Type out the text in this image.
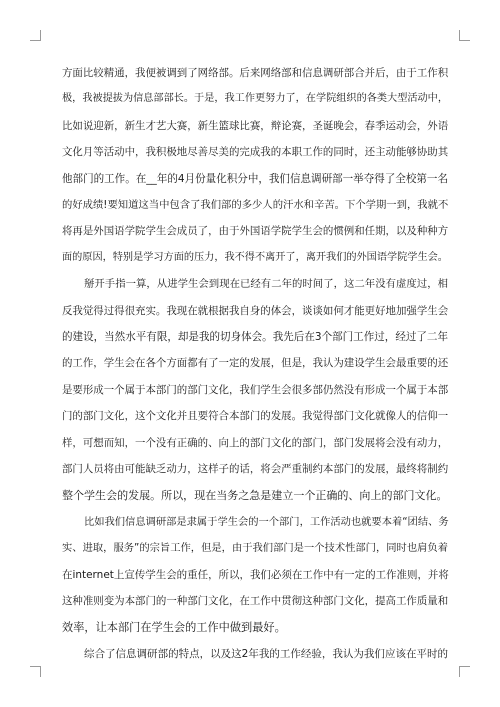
方面比较精通，我便被调到了网络部。后来网络部和信息调研部合并后，由于工作积
极，我被提拔为信息部部长。于是，我工作更努力了，在学院组织的各类大型活动中，
比如说迎新，新生才艺大赛，新生篮球比赛，辩论赛，圣诞晚会，春季运动会，外语
文化月等活动中，我积极地尽善尽美的完成我的本职工作的同时，还主动能够协助其
他部门的工作。在__年的4月份量化积分中，我们信息调研部一举夺得了全校第一名
的好成绩!要知道这当中包含了我们部的多少人的汗水和辛苦。下个学期一到，我就不
将再是外国语学院学生会成员了，由于外国语学院学生会的惯例和任期，以及种种方
面的原因，特别是学习方面的压力，我不得不离开了，离开我们的外国语学院学生会。

掰开手指一算，从进学生会到现在已经有二年的时间了，这二年没有虚度过，相
反我觉得过得很充实。我现在就根据我自身的体会，谈谈如何才能更好地加强学生会
的建设，当然水平有限，却是我的切身体会。我先后在3个部门工作过，经过了二年
的工作，学生会在各个方面都有了一定的发展，但是，我认为建设学生会最重要的还
是要形成一个属于本部门的部门文化，我们学生会很多部仍然没有形成一个属于本部
门的部门文化，这个文化并且要符合本部门的发展。我觉得部门文化就像人的信仰一
样，可想而知，一个没有正确的、向上的部门文化的部门，部门发展将会没有动力，
部门人员将由可能缺乏动力，这样子的话，将会严重制约本部门的发展，最终将制约
整个学生会的发展。所以，现在当务之急是建立一个正确的、向上的部门文化。

比如我们信息调研部是隶属于学生会的一个部门，工作活动也就要本着“团结、务
实、进取，服务”的宗旨工作，但是，由于我们部门是一个技术性部门，同时也肩负着
在internet上宣传学生会的重任，所以，我们必须在工作中有一定的工作准则，并将
这种准则变为本部门的一种部门文化，在工作中贯彻这种部门文化，提高工作质量和
效率，让本部门在学生会的工作中做到最好。

综合了信息调研部的特点，以及这2年我的工作经验，我认为我们应该在平时的
